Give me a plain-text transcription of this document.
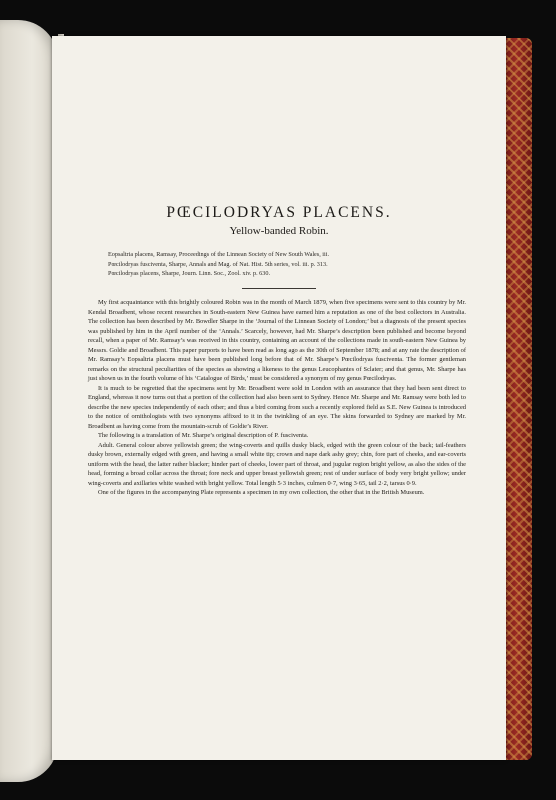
PŒCILODRYAS PLACENS.
Yellow-banded Robin.
Eopsaltria placens, Ramsay, Proceedings of the Linnean Society of New South Wales, iii.
Pœcilodryas fusciventa, Sharpe, Annals and Mag. of Nat. Hist. 5th series, vol. iii. p. 313.
Pœcilodryas placens, Sharpe, Journ. Linn. Soc., Zool. xiv. p. 630.

My first acquaintance with this brightly coloured Robin was in the month of March 1879, when five specimens were sent to this country by Mr. Kendal Broadbent, whose recent researches in South-eastern New Guinea have earned him a reputation as one of the best collectors in Australia. The collection has been described by Mr. Bowdler Sharpe in the ‘Journal of the Linnean Society of London;’ but a diagnosis of the present species was published by him in the April number of the ‘Annals.’ Scarcely, however, had Mr. Sharpe’s description been published and become beyond recall, when a paper of Mr. Ramsay’s was received in this country, containing an account of the collections made in south-eastern New Guinea by Messrs. Goldie and Broadbent. This paper purports to have been read as long ago as the 30th of September 1878; and at any rate the description of Mr. Ramsay’s Eopsaltria placens must have been published long before that of Mr. Sharpe’s Pœcilodryas fusciventa. The former gentleman remarks on the structural peculiarities of the species as showing a likeness to the genus Leucophantes of Sclater; and that genus, Mr. Sharpe has just shown us in the fourth volume of his ‘Catalogue of Birds,’ must be considered a synonym of my genus Pœcilodryas.

It is much to be regretted that the specimens sent by Mr. Broadbent were sold in London with an assurance that they had been sent direct to England, whereas it now turns out that a portion of the collection had also been sent to Sydney. Hence Mr. Sharpe and Mr. Ramsay were both led to describe the new species independently of each other; and thus a bird coming from such a recently explored field as S.E. New Guinea is introduced to the notice of ornithologists with two synonyms affixed to it in the twinkling of an eye. The skins forwarded to Sydney are marked by Mr. Broadbent as having come from the mountain-scrub of Goldie’s River.

The following is a translation of Mr. Sharpe’s original description of P. fusciventa.

Adult. General colour above yellowish green; the wing-coverts and quills dusky black, edged with the green colour of the back; tail-feathers dusky brown, externally edged with green, and having a small white tip; crown and nape dark ashy grey; chin, fore part of cheeks, and ear-coverts uniform with the head, the latter rather blacker; hinder part of cheeks, lower part of throat, and jugular region bright yellow, as also the sides of the head, forming a broad collar across the throat; fore neck and upper breast yellowish green; rest of under surface of body very bright yellow; under wing-coverts and axillaries white washed with bright yellow. Total length 5·3 inches, culmen 0·7, wing 3·65, tail 2·2, tarsus 0·9.

One of the figures in the accompanying Plate represents a specimen in my own collection, the other that in the British Museum.
